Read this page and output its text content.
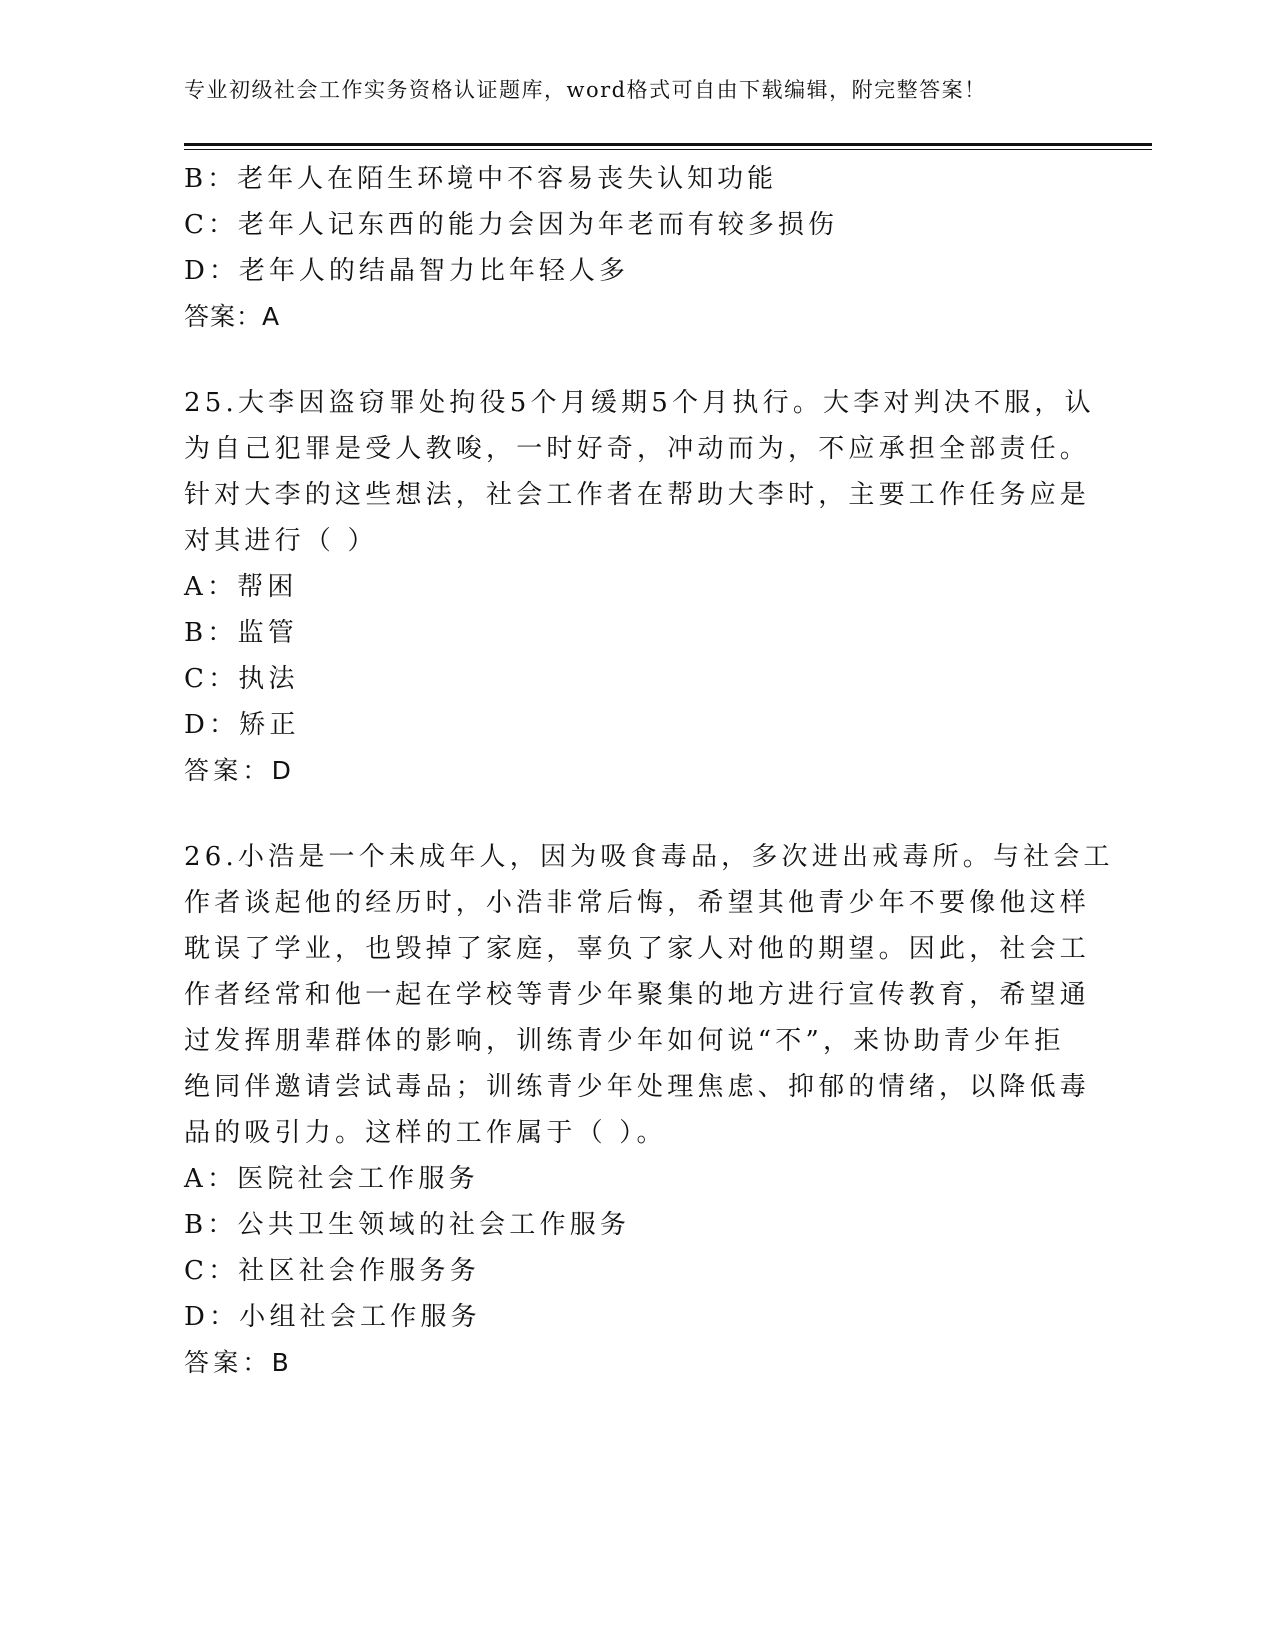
专业初级社会工作实务资格认证题库，word格式可自由下载编辑，附完整答案！
B：老年人在陌生环境中不容易丧失认知功能
C：老年人记东西的能力会因为年老而有较多损伤
D：老年人的结晶智力比年轻人多
答案：A
25.大李因盗窃罪处拘役5个月缓期5个月执行。大李对判决不服，认
为自己犯罪是受人教唆，一时好奇，冲动而为，不应承担全部责任。
针对大李的这些想法，社会工作者在帮助大李时，主要工作任务应是
对其进行（ ）
A：帮困
B：监管
C：执法
D：矫正
答案：D
26.小浩是一个未成年人，因为吸食毒品，多次进出戒毒所。与社会工
作者谈起他的经历时，小浩非常后悔，希望其他青少年不要像他这样
耽误了学业，也毁掉了家庭，辜负了家人对他的期望。因此，社会工
作者经常和他一起在学校等青少年聚集的地方进行宣传教育，希望通
过发挥朋辈群体的影响，训练青少年如何说“不”，来协助青少年拒
绝同伴邀请尝试毒品；训练青少年处理焦虑、抑郁的情绪，以降低毒
品的吸引力。这样的工作属于（ ）。
A：医院社会工作服务
B：公共卫生领域的社会工作服务
C：社区社会作服务务
D：小组社会工作服务
答案：B
